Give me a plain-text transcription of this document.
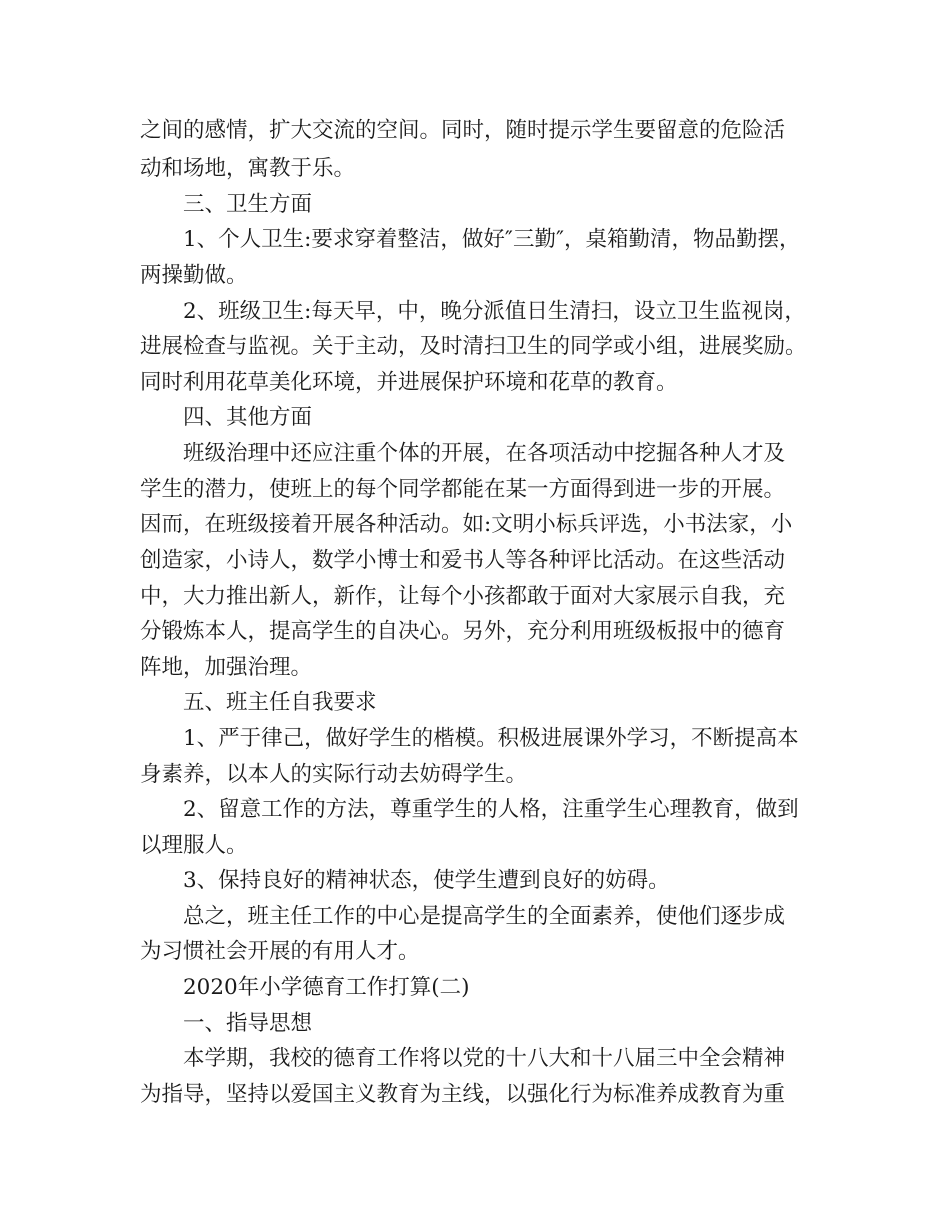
之间的感情，扩大交流的空间。同时，随时提示学生要留意的危险活
动和场地，寓教于乐。
三、卫生方面
1、个人卫生:要求穿着整洁，做好″三勤″，桌箱勤清，物品勤摆，
两操勤做。
2、班级卫生:每天早，中，晚分派值日生清扫，设立卫生监视岗，
进展检查与监视。关于主动，及时清扫卫生的同学或小组，进展奖励。
同时利用花草美化环境，并进展保护环境和花草的教育。
四、其他方面
班级治理中还应注重个体的开展，在各项活动中挖掘各种人才及
学生的潜力，使班上的每个同学都能在某一方面得到进一步的开展。
因而，在班级接着开展各种活动。如:文明小标兵评选，小书法家，小
创造家，小诗人，数学小博士和爱书人等各种评比活动。在这些活动
中，大力推出新人，新作，让每个小孩都敢于面对大家展示自我，充
分锻炼本人，提高学生的自决心。另外，充分利用班级板报中的德育
阵地，加强治理。
五、班主任自我要求
1、严于律己，做好学生的楷模。积极进展课外学习，不断提高本
身素养，以本人的实际行动去妨碍学生。
2、留意工作的方法，尊重学生的人格，注重学生心理教育，做到
以理服人。
3、保持良好的精神状态，使学生遭到良好的妨碍。
总之，班主任工作的中心是提高学生的全面素养，使他们逐步成
为习惯社会开展的有用人才。
2020年小学德育工作打算(二)
一、指导思想
本学期，我校的德育工作将以党的十八大和十八届三中全会精神
为指导，坚持以爱国主义教育为主线，以强化行为标准养成教育为重
